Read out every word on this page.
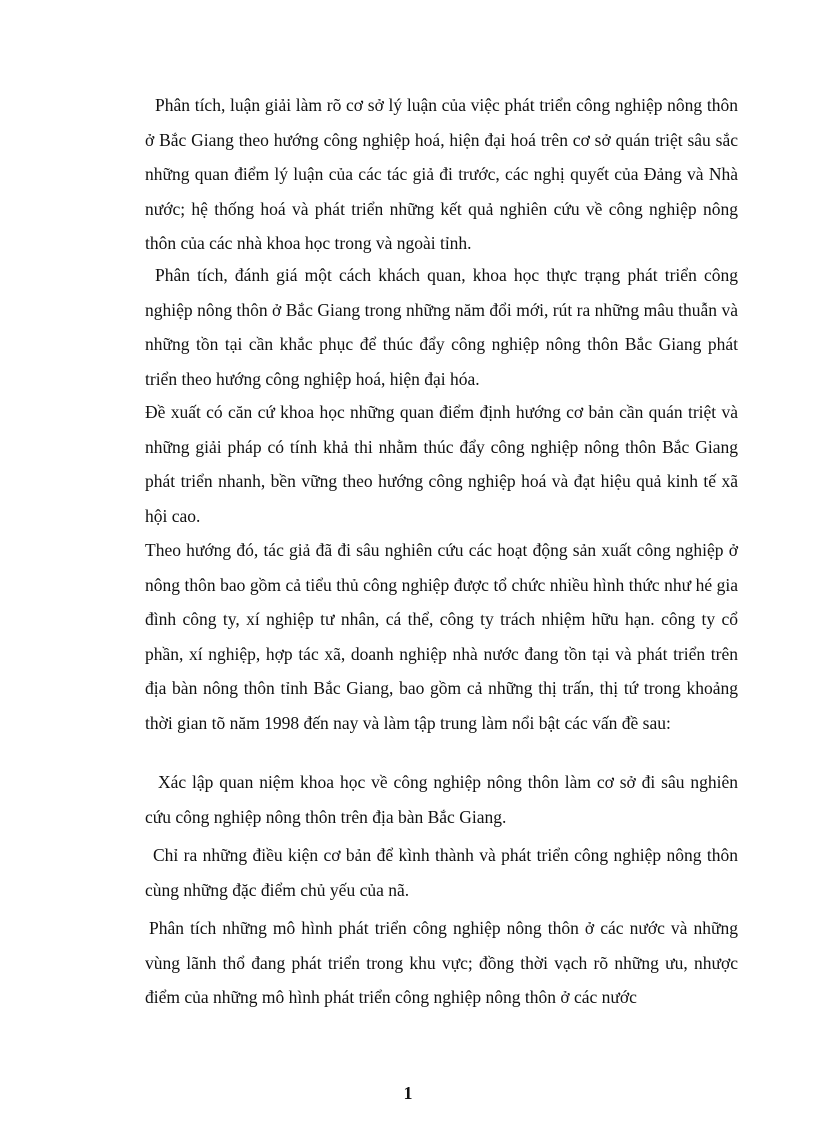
Phân tích, luận giải làm rõ cơ sở lý luận của việc phát triển công nghiệp nông thôn ở Bắc Giang theo hướng công nghiệp hoá, hiện đại hoá trên cơ sở quán triệt sâu sắc những quan điểm lý luận của các tác giả đi trước, các nghị quyết của Đảng và Nhà nước; hệ thống hoá và phát triển những kết quả nghiên cứu về công nghiệp nông thôn của các nhà khoa học trong và ngoài tỉnh.

Phân tích, đánh giá một cách khách quan, khoa học thực trạng phát triển công nghiệp nông thôn ở Bắc Giang trong những năm đổi mới, rút ra những mâu thuẫn và những tồn tại cần khắc phục để thúc đẩy công nghiệp nông thôn Bắc Giang phát triển theo hướng công nghiệp hoá, hiện đại hóa.

Đề xuất có căn cứ khoa học những quan điểm định hướng cơ bản cần quán triệt và những giải pháp có tính khả thi nhằm thúc đẩy công nghiệp nông thôn Bắc Giang phát triển nhanh, bền vững theo hướng công nghiệp hoá và đạt hiệu quả kinh tế xã hội cao.

Theo hướng đó, tác giả đã đi sâu nghiên cứu các hoạt động sản xuất công nghiệp ở nông thôn bao gồm cả tiểu thủ công nghiệp được tổ chức nhiều hình thức như hé gia đình công ty, xí nghiệp tư nhân, cá thể, công ty trách nhiệm hữu hạn. công ty cổ phần, xí nghiệp, hợp tác xã, doanh nghiệp nhà nước đang tồn tại và phát triển trên địa bàn nông thôn tỉnh Bắc Giang, bao gồm cả những thị trấn, thị tứ trong khoảng thời gian tõ năm 1998 đến nay và làm tập trung làm nổi bật các vấn đề sau:

Xác lập quan niệm khoa học về công nghiệp nông thôn làm cơ sở đi sâu nghiên cứu công nghiệp nông thôn trên địa bàn Bắc Giang.

Chỉ ra những điều kiện cơ bản để kình thành và phát triển công nghiệp nông thôn cùng những đặc điểm chủ yếu của nã.

Phân tích những mô hình phát triển công nghiệp nông thôn ở các nước và những vùng lãnh thổ đang phát triển trong khu vực; đồng thời vạch rõ những ưu, nhược điểm của những mô hình phát triển công nghiệp nông thôn ở các nước

1
